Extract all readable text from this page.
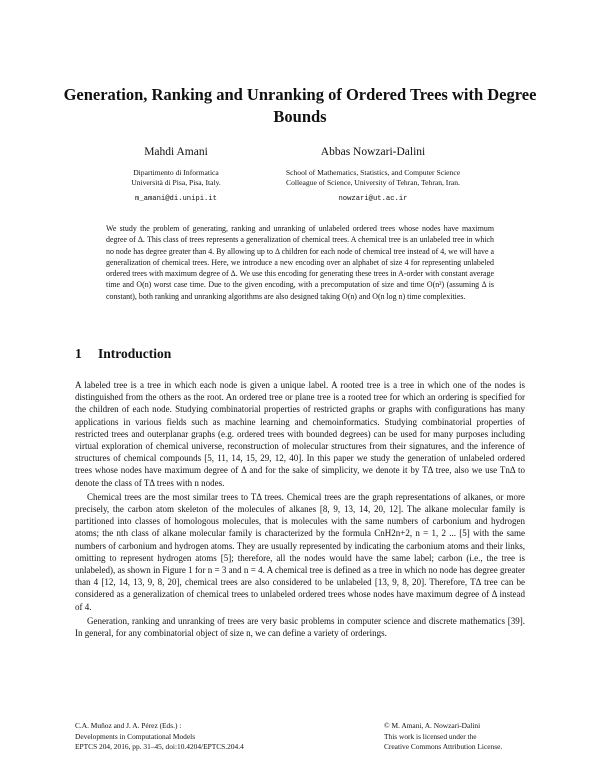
Generation, Ranking and Unranking of Ordered Trees with Degree Bounds
Mahdi Amani
Dipartimento di Informatica
Università di Pisa, Pisa, Italy.
m_amani@di.unipi.it
Abbas Nowzari-Dalini
School of Mathematics, Statistics, and Computer Science
Colleague of Science, University of Tehran, Tehran, Iran.
nowzari@ut.ac.ir
We study the problem of generating, ranking and unranking of unlabeled ordered trees whose nodes have maximum degree of Δ. This class of trees represents a generalization of chemical trees. A chemical tree is an unlabeled tree in which no node has degree greater than 4. By allowing up to Δ children for each node of chemical tree instead of 4, we will have a generalization of chemical trees. Here, we introduce a new encoding over an alphabet of size 4 for representing unlabeled ordered trees with maximum degree of Δ. We use this encoding for generating these trees in A-order with constant average time and O(n) worst case time. Due to the given encoding, with a precomputation of size and time O(n²) (assuming Δ is constant), both ranking and unranking algorithms are also designed taking O(n) and O(n log n) time complexities.
1 Introduction

A labeled tree is a tree in which each node is given a unique label. A rooted tree is a tree in which one of the nodes is distinguished from the others as the root. An ordered tree or plane tree is a rooted tree for which an ordering is specified for the children of each node. Studying combinatorial properties of restricted graphs or graphs with configurations has many applications in various fields such as machine learning and chemoinformatics. Studying combinatorial properties of restricted trees and outerplanar graphs (e.g. ordered trees with bounded degrees) can be used for many purposes including virtual exploration of chemical universe, reconstruction of molecular structures from their signatures, and the inference of structures of chemical compounds [5, 11, 14, 15, 29, 12, 40]. In this paper we study the generation of unlabeled ordered trees whose nodes have maximum degree of Δ and for the sake of simplicity, we denote it by TΔ tree, also we use TnΔ to denote the class of TΔ trees with n nodes.

Chemical trees are the most similar trees to TΔ trees. Chemical trees are the graph representations of alkanes, or more precisely, the carbon atom skeleton of the molecules of alkanes [8, 9, 13, 14, 20, 12]. The alkane molecular family is partitioned into classes of homologous molecules, that is molecules with the same numbers of carbonium and hydrogen atoms; the nth class of alkane molecular family is characterized by the formula CnH2n+2, n = 1, 2 ... [5] with the same numbers of carbonium and hydrogen atoms. They are usually represented by indicating the carbonium atoms and their links, omitting to represent hydrogen atoms [5]; therefore, all the nodes would have the same label; carbon (i.e., the tree is unlabeled), as shown in Figure 1 for n = 3 and n = 4. A chemical tree is defined as a tree in which no node has degree greater than 4 [12, 14, 13, 9, 8, 20], chemical trees are also considered to be unlabeled [13, 9, 8, 20]. Therefore, TΔ tree can be considered as a generalization of chemical trees to unlabeled ordered trees whose nodes have maximum degree of Δ instead of 4.

Generation, ranking and unranking of trees are very basic problems in computer science and discrete mathematics [39]. In general, for any combinatorial object of size n, we can define a variety of orderings.

C.A. Muñoz and J. A. Pérez (Eds.) :
Developments in Computational Models
EPTCS 204, 2016, pp. 31–45, doi:10.4204/EPTCS.204.4
© M. Amani, A. Nowzari-Dalini
This work is licensed under the
Creative Commons Attribution License.
